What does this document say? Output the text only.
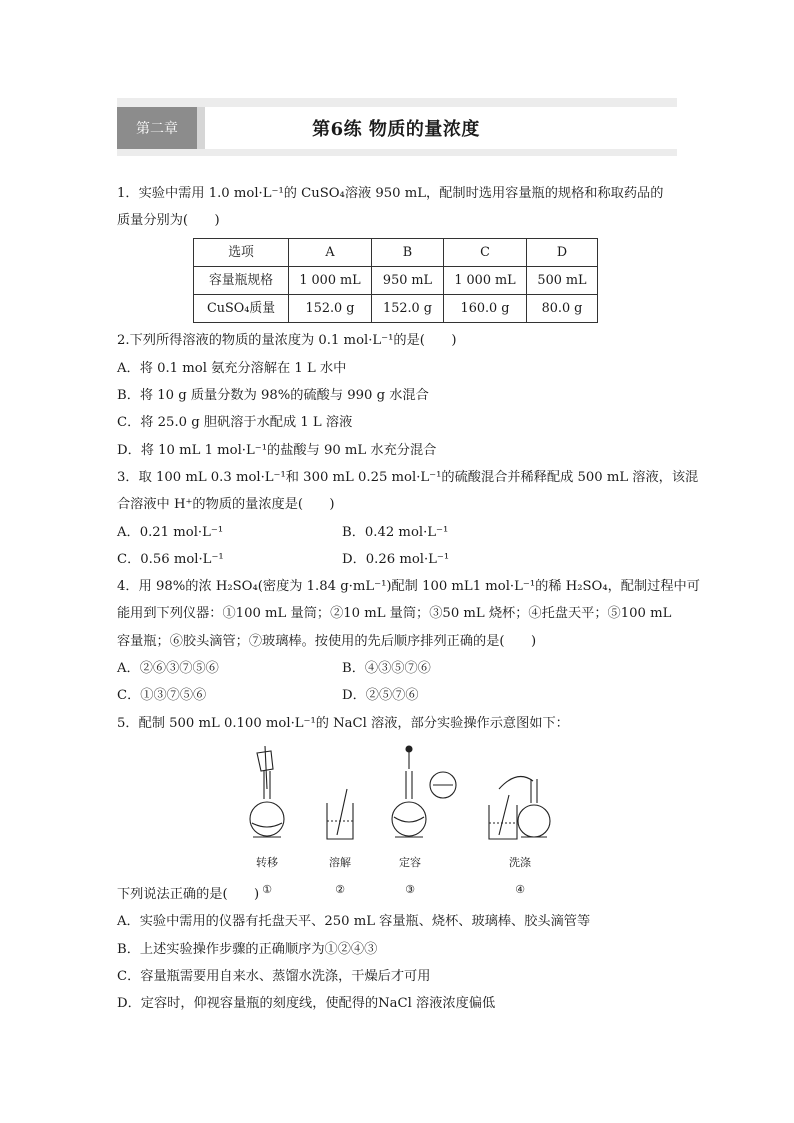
第二章	第6练 物质的量浓度
1．实验中需用 1.0 mol·L⁻¹的 CuSO₄溶液 950 mL，配制时选用容量瓶的规格和称取药品的
质量分别为(　　)
选项	A	B	C	D
容量瓶规格	1 000 mL	950 mL	1 000 mL	500 mL
CuSO₄质量	152.0 g	152.0 g	160.0 g	80.0 g
2.下列所得溶液的物质的量浓度为 0.1 mol·L⁻¹的是(　　)
A．将 0.1 mol 氨充分溶解在 1 L 水中
B．将 10 g 质量分数为 98%的硫酸与 990 g 水混合
C．将 25.0 g 胆矾溶于水配成 1 L 溶液
D．将 10 mL 1 mol·L⁻¹的盐酸与 90 mL 水充分混合
3．取 100 mL 0.3 mol·L⁻¹和 300 mL 0.25 mol·L⁻¹的硫酸混合并稀释配成 500 mL 溶液，该混
合溶液中 H⁺的物质的量浓度是(　　)
A．0.21 mol·L⁻¹	B．0.42 mol·L⁻¹
C．0.56 mol·L⁻¹	D．0.26 mol·L⁻¹
4．用 98%的浓 H₂SO₄(密度为 1.84 g·mL⁻¹)配制 100 mL1 mol·L⁻¹的稀 H₂SO₄，配制过程中可
能用到下列仪器：①100 mL 量筒；②10 mL 量筒；③50 mL 烧杯；④托盘天平；⑤100 mL
容量瓶；⑥胶头滴管；⑦玻璃棒。按使用的先后顺序排列正确的是(　　)
A．②⑥③⑦⑤⑥	B．④③⑤⑦⑥
C．①③⑦⑤⑥	D．②⑤⑦⑥
5．配制 500 mL 0.100 mol·L⁻¹的 NaCl 溶液，部分实验操作示意图如下：
转移
①
溶解
②
定容
③
洗涤
④
下列说法正确的是(　　)
A．实验中需用的仪器有托盘天平、250 mL 容量瓶、烧杯、玻璃棒、胶头滴管等
B．上述实验操作步骤的正确顺序为①②④③
C．容量瓶需要用自来水、蒸馏水洗涤，干燥后才可用
D．定容时，仰视容量瓶的刻度线，使配得的NaCl 溶液浓度偏低
